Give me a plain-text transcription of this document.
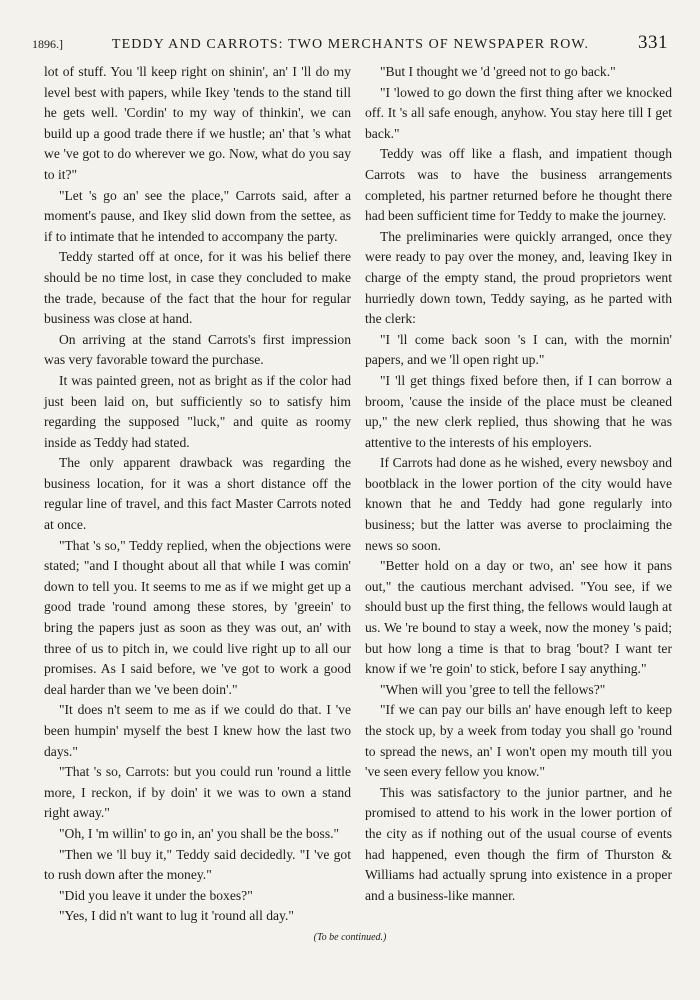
1896.]	TEDDY AND CARROTS: TWO MERCHANTS OF NEWSPAPER ROW.	331

lot of stuff. You 'll keep right on shinin', an' I 'll do my level best with papers, while Ikey 'tends to the stand till he gets well. 'Cordin' to my way of thinkin', we can build up a good trade there if we hustle; an' that 's what we 've got to do wherever we go. Now, what do you say to it?"

"Let 's go an' see the place," Carrots said, after a moment's pause, and Ikey slid down from the settee, as if to intimate that he intended to accompany the party.

Teddy started off at once, for it was his belief there should be no time lost, in case they concluded to make the trade, because of the fact that the hour for regular business was close at hand.

On arriving at the stand Carrots's first impression was very favorable toward the purchase.

It was painted green, not as bright as if the color had just been laid on, but sufficiently so to satisfy him regarding the supposed "luck," and quite as roomy inside as Teddy had stated.

The only apparent drawback was regarding the business location, for it was a short distance off the regular line of travel, and this fact Master Carrots noted at once.

"That 's so," Teddy replied, when the objections were stated; "and I thought about all that while I was comin' down to tell you. It seems to me as if we might get up a good trade 'round among these stores, by 'greein' to bring the papers just as soon as they was out, an' with three of us to pitch in, we could live right up to all our promises. As I said before, we 've got to work a good deal harder than we 've been doin'."

"It does n't seem to me as if we could do that. I 've been humpin' myself the best I knew how the last two days."

"That 's so, Carrots: but you could run 'round a little more, I reckon, if by doin' it we was to own a stand right away."

"Oh, I 'm willin' to go in, an' you shall be the boss."

"Then we 'll buy it," Teddy said decidedly. "I 've got to rush down after the money."

"Did you leave it under the boxes?"

"Yes, I did n't want to lug it 'round all day."

"But I thought we 'd 'greed not to go back."

"I 'lowed to go down the first thing after we knocked off. It 's all safe enough, anyhow. You stay here till I get back."

Teddy was off like a flash, and impatient though Carrots was to have the business arrangements completed, his partner returned before he thought there had been sufficient time for Teddy to make the journey.

The preliminaries were quickly arranged, once they were ready to pay over the money, and, leaving Ikey in charge of the empty stand, the proud proprietors went hurriedly down town, Teddy saying, as he parted with the clerk:

"I 'll come back soon 's I can, with the mornin' papers, and we 'll open right up."

"I 'll get things fixed before then, if I can borrow a broom, 'cause the inside of the place must be cleaned up," the new clerk replied, thus showing that he was attentive to the interests of his employers.

If Carrots had done as he wished, every newsboy and bootblack in the lower portion of the city would have known that he and Teddy had gone regularly into business; but the latter was averse to proclaiming the news so soon.

"Better hold on a day or two, an' see how it pans out," the cautious merchant advised. "You see, if we should bust up the first thing, the fellows would laugh at us. We 're bound to stay a week, now the money 's paid; but how long a time is that to brag 'bout? I want ter know if we 're goin' to stick, before I say anything."

"When will you 'gree to tell the fellows?"

"If we can pay our bills an' have enough left to keep the stock up, by a week from today you shall go 'round to spread the news, an' I won't open my mouth till you 've seen every fellow you know."

This was satisfactory to the junior partner, and he promised to attend to his work in the lower portion of the city as if nothing out of the usual course of events had happened, even though the firm of Thurston & Williams had actually sprung into existence in a proper and a business-like manner.

(To be continued.)
